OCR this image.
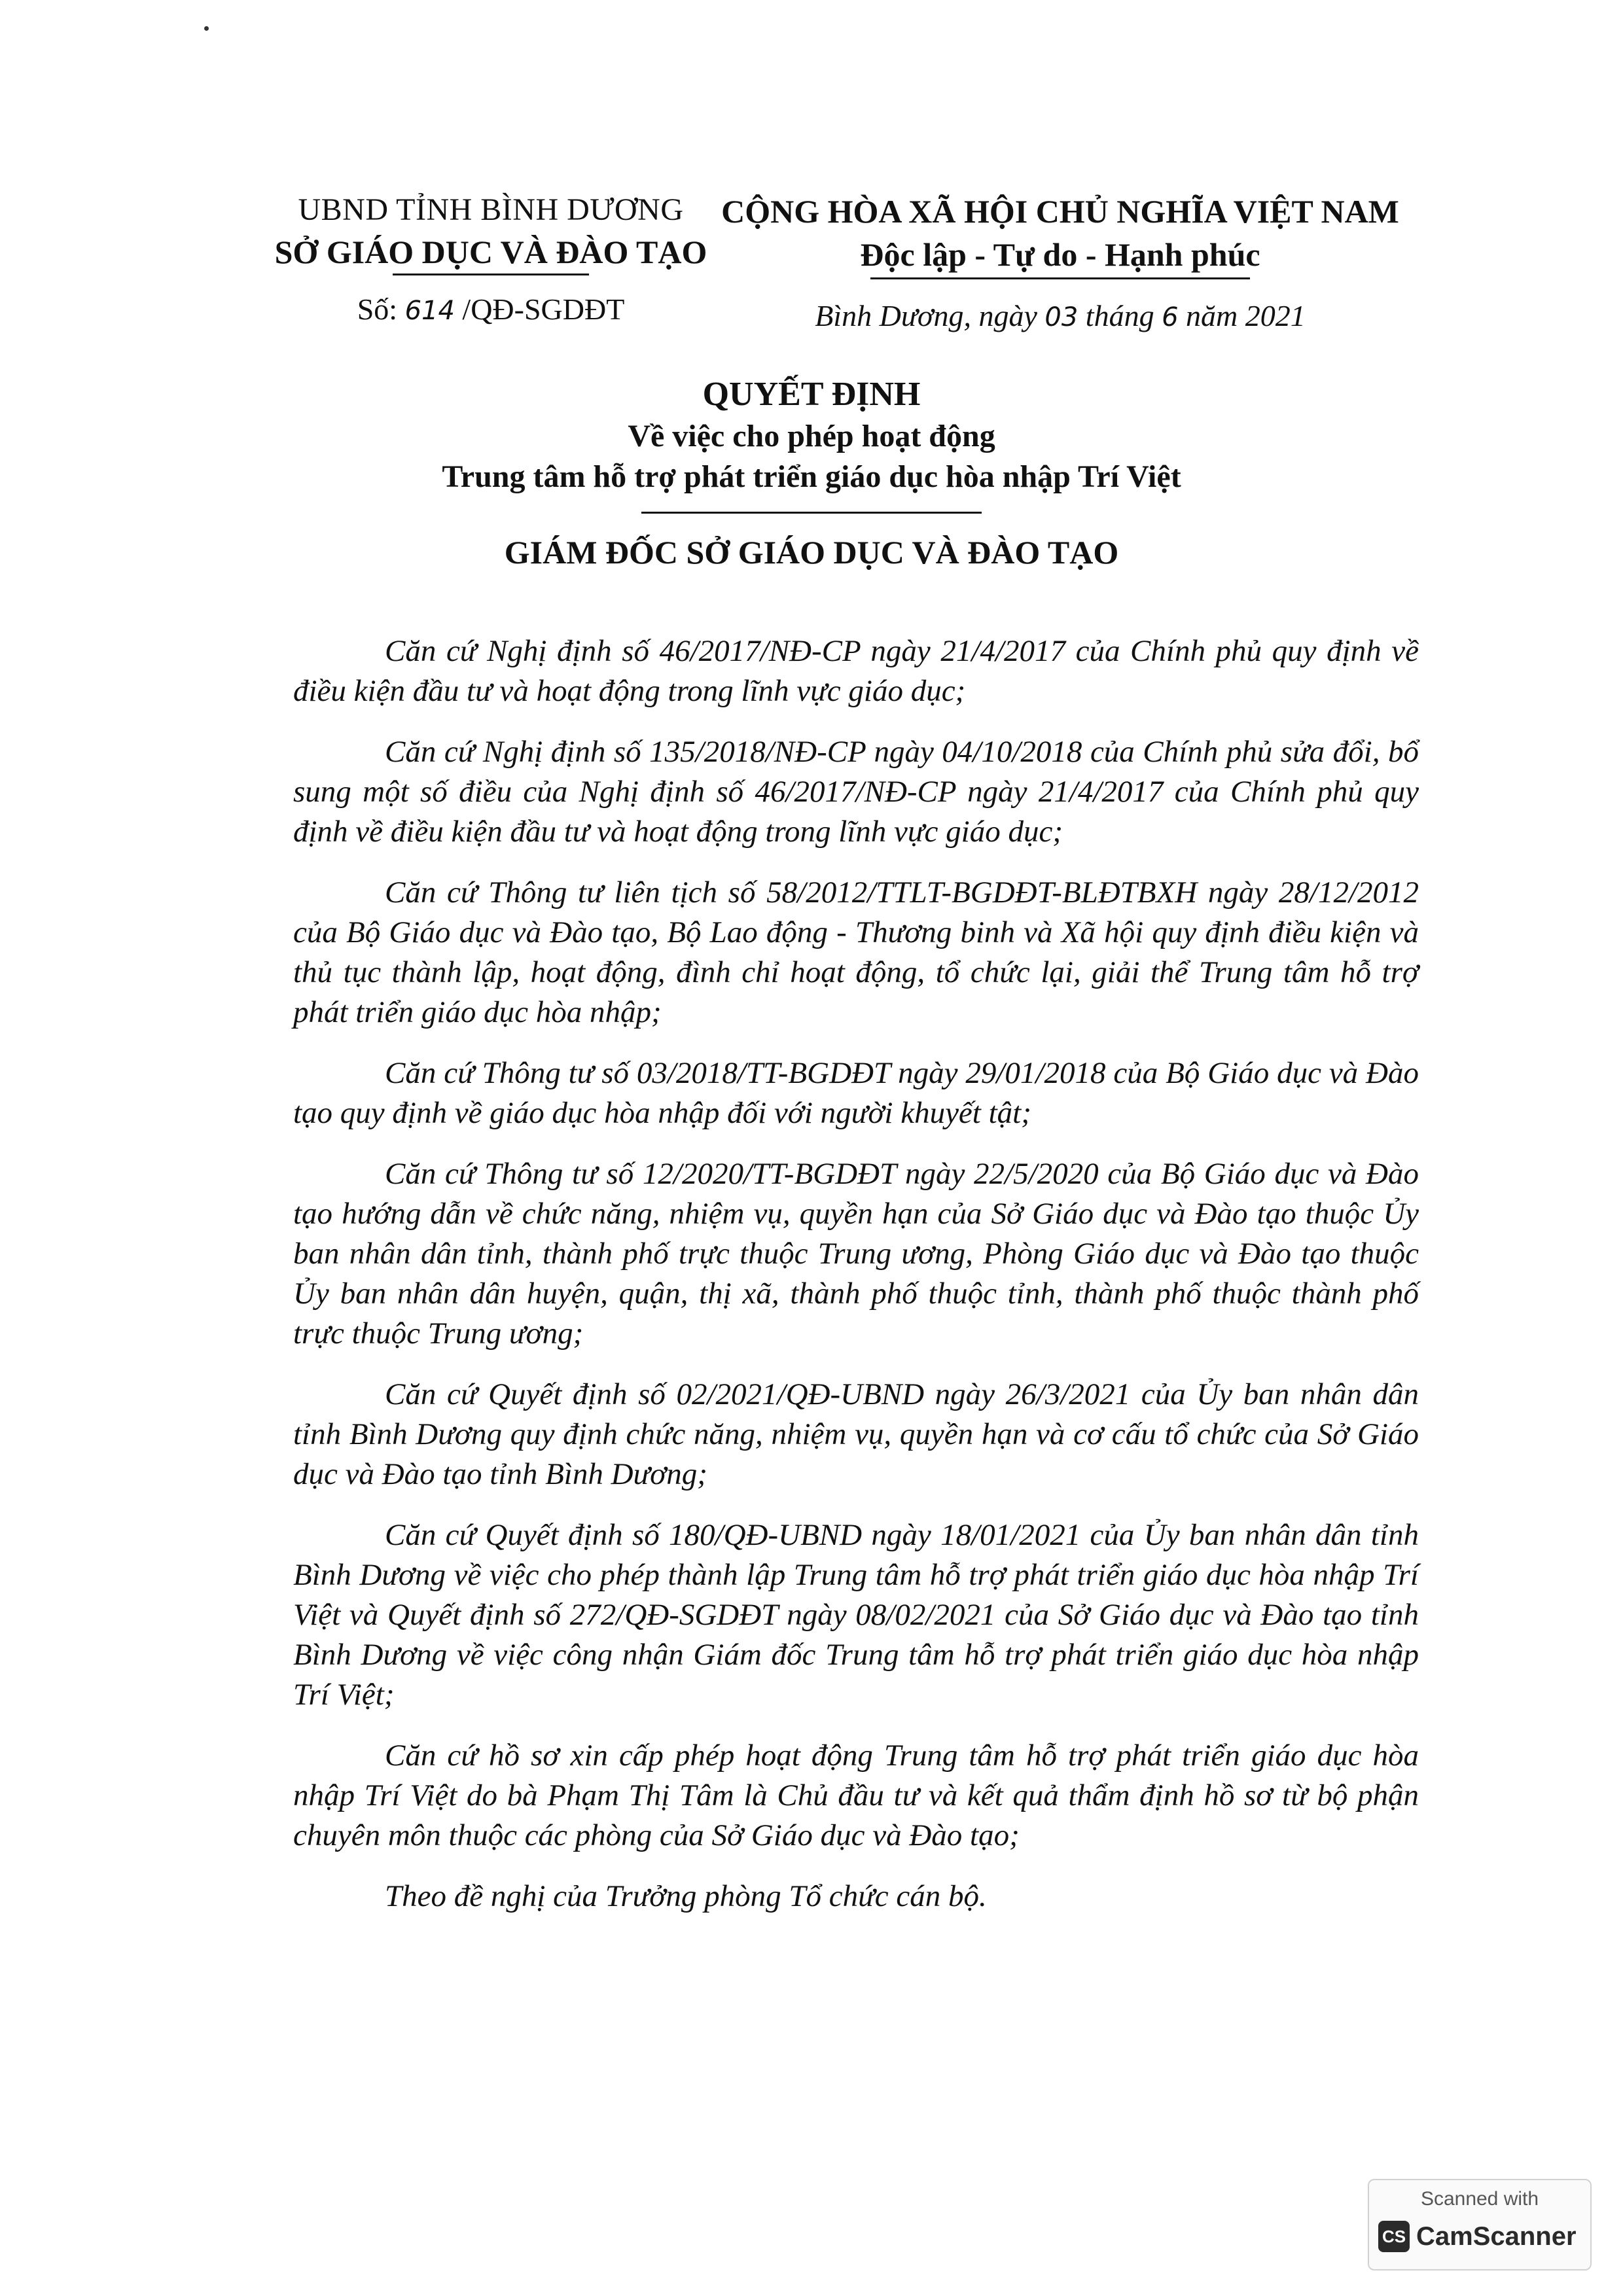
UBND TỈNH BÌNH DƯƠNG
SỞ GIÁO DỤC VÀ ĐÀO TẠO
Số: 614 /QĐ-SGDĐT
CỘNG HÒA XÃ HỘI CHỦ NGHĨA VIỆT NAM
Độc lập - Tự do - Hạnh phúc
Bình Dương, ngày 03 tháng 6 năm 2021
QUYẾT ĐỊNH
Về việc cho phép hoạt động
Trung tâm hỗ trợ phát triển giáo dục hòa nhập Trí Việt
GIÁM ĐỐC SỞ GIÁO DỤC VÀ ĐÀO TẠO

Căn cứ Nghị định số 46/2017/NĐ-CP ngày 21/4/2017 của Chính phủ quy định về điều kiện đầu tư và hoạt động trong lĩnh vực giáo dục;

Căn cứ Nghị định số 135/2018/NĐ-CP ngày 04/10/2018 của Chính phủ sửa đổi, bổ sung một số điều của Nghị định số 46/2017/NĐ-CP ngày 21/4/2017 của Chính phủ quy định về điều kiện đầu tư và hoạt động trong lĩnh vực giáo dục;

Căn cứ Thông tư liên tịch số 58/2012/TTLT-BGDĐT-BLĐTBXH ngày 28/12/2012 của Bộ Giáo dục và Đào tạo, Bộ Lao động - Thương binh và Xã hội quy định điều kiện và thủ tục thành lập, hoạt động, đình chỉ hoạt động, tổ chức lại, giải thể Trung tâm hỗ trợ phát triển giáo dục hòa nhập;

Căn cứ Thông tư số 03/2018/TT-BGDĐT ngày 29/01/2018 của Bộ Giáo dục và Đào tạo quy định về giáo dục hòa nhập đối với người khuyết tật;

Căn cứ Thông tư số 12/2020/TT-BGDĐT ngày 22/5/2020 của Bộ Giáo dục và Đào tạo hướng dẫn về chức năng, nhiệm vụ, quyền hạn của Sở Giáo dục và Đào tạo thuộc Ủy ban nhân dân tỉnh, thành phố trực thuộc Trung ương, Phòng Giáo dục và Đào tạo thuộc Ủy ban nhân dân huyện, quận, thị xã, thành phố thuộc tỉnh, thành phố thuộc thành phố trực thuộc Trung ương;

Căn cứ Quyết định số 02/2021/QĐ-UBND ngày 26/3/2021 của Ủy ban nhân dân tỉnh Bình Dương quy định chức năng, nhiệm vụ, quyền hạn và cơ cấu tổ chức của Sở Giáo dục và Đào tạo tỉnh Bình Dương;

Căn cứ Quyết định số 180/QĐ-UBND ngày 18/01/2021 của Ủy ban nhân dân tỉnh Bình Dương về việc cho phép thành lập Trung tâm hỗ trợ phát triển giáo dục hòa nhập Trí Việt và Quyết định số 272/QĐ-SGDĐT ngày 08/02/2021 của Sở Giáo dục và Đào tạo tỉnh Bình Dương về việc công nhận Giám đốc Trung tâm hỗ trợ phát triển giáo dục hòa nhập Trí Việt;

Căn cứ hồ sơ xin cấp phép hoạt động Trung tâm hỗ trợ phát triển giáo dục hòa nhập Trí Việt do bà Phạm Thị Tâm là Chủ đầu tư và kết quả thẩm định hồ sơ từ bộ phận chuyên môn thuộc các phòng của Sở Giáo dục và Đào tạo;

Theo đề nghị của Trưởng phòng Tổ chức cán bộ.

Scanned with
CS CamScanner
